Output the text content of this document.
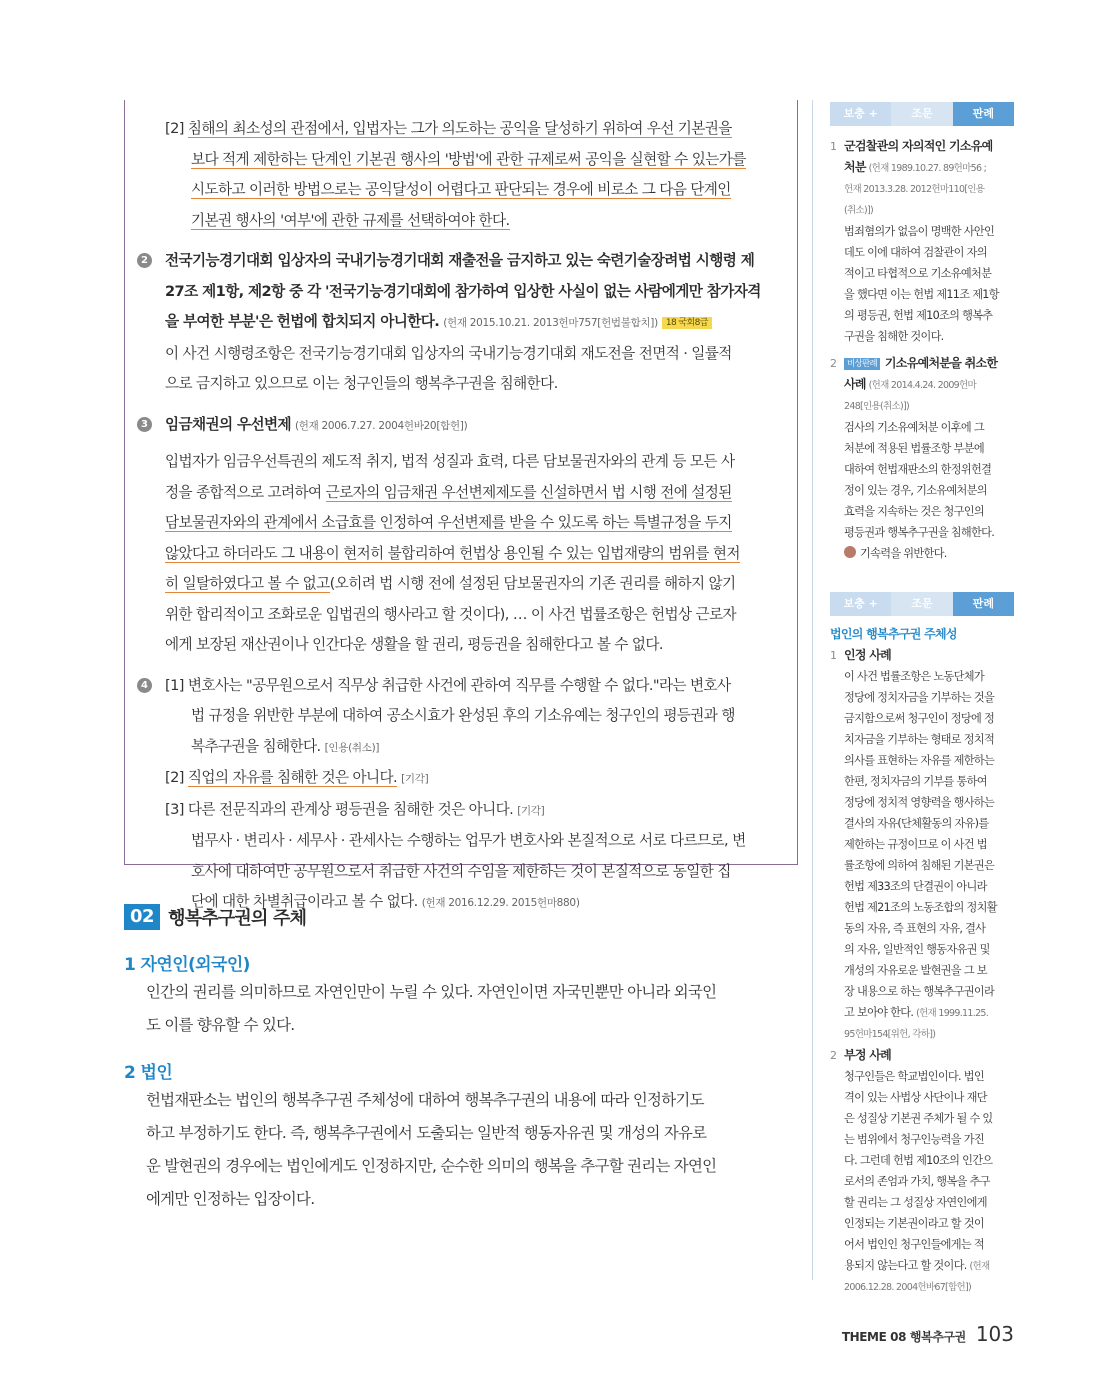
[2] 침해의 최소성의 관점에서, 입법자는 그가 의도하는 공익을 달성하기 위하여 우선 기본권을
보다 적게 제한하는 단계인 기본권 행사의 '방법'에 관한 규제로써 공익을 실현할 수 있는가를
시도하고 이러한 방법으로는 공익달성이 어렵다고 판단되는 경우에 비로소 그 다음 단계인
기본권 행사의 '여부'에 관한 규제를 선택하여야 한다.
2	전국기능경기대회 입상자의 국내기능경기대회 재출전을 금지하고 있는 숙련기술장려법 시행령 제
27조 제1항, 제2항 중 각 '전국기능경기대회에 참가하여 입상한 사실이 없는 사람에게만 참가자격
을 부여한 부분'은 헌법에 합치되지 아니한다. (헌재 2015.10.21. 2013헌마757[헌법불합치]) 18 국회8급
이 사건 시행령조항은 전국기능경기대회 입상자의 국내기능경기대회 재도전을 전면적 · 일률적
으로 금지하고 있으므로 이는 청구인들의 행복추구권을 침해한다.
3	임금채권의 우선변제 (헌재 2006.7.27. 2004헌바20[합헌])
입법자가 임금우선특권의 제도적 취지, 법적 성질과 효력, 다른 담보물권자와의 관계 등 모든 사
정을 종합적으로 고려하여 근로자의 임금채권 우선변제제도를 신설하면서 법 시행 전에 설정된
담보물권자와의 관계에서 소급효를 인정하여 우선변제를 받을 수 있도록 하는 특별규정을 두지
않았다고 하더라도 그 내용이 현저히 불합리하여 헌법상 용인될 수 있는 입법재량의 범위를 현저
히 일탈하였다고 볼 수 없고(오히려 법 시행 전에 설정된 담보물권자의 기존 권리를 해하지 않기
위한 합리적이고 조화로운 입법권의 행사라고 할 것이다), … 이 사건 법률조항은 헌법상 근로자
에게 보장된 재산권이나 인간다운 생활을 할 권리, 평등권을 침해한다고 볼 수 없다.
4	[1] 변호사는 "공무원으로서 직무상 취급한 사건에 관하여 직무를 수행할 수 없다."라는 변호사
법 규정을 위반한 부분에 대하여 공소시효가 완성된 후의 기소유예는 청구인의 평등권과 행
복추구권을 침해한다. [인용(취소)]
[2] 직업의 자유를 침해한 것은 아니다. [기각]
[3] 다른 전문직과의 관계상 평등권을 침해한 것은 아니다. [기각]
법무사 · 변리사 · 세무사 · 관세사는 수행하는 업무가 변호사와 본질적으로 서로 다르므로, 변
호사에 대하여만 공무원으로서 취급한 사건의 수임을 제한하는 것이 본질적으로 동일한 집
단에 대한 차별취급이라고 볼 수 없다. (헌재 2016.12.29. 2015헌마880)
02 행복추구권의 주체
1 자연인(외국인)
인간의 권리를 의미하므로 자연인만이 누릴 수 있다. 자연인이면 자국민뿐만 아니라 외국인
도 이를 향유할 수 있다.
2 법인
헌법재판소는 법인의 행복추구권 주체성에 대하여 행복추구권의 내용에 따라 인정하기도
하고 부정하기도 한다. 즉, 행복추구권에서 도출되는 일반적 행동자유권 및 개성의 자유로
운 발현권의 경우에는 법인에게도 인정하지만, 순수한 의미의 행복을 추구할 권리는 자연인
에게만 인정하는 입장이다.
보충 +	조문	판례
1 군검찰관의 자의적인 기소유예
처분 (헌재 1989.10.27. 89헌마56 ;
헌재 2013.3.28. 2012헌마110[인용
(취소)])
범죄혐의가 없음이 명백한 사안인
데도 이에 대하여 검찰관이 자의
적이고 타협적으로 기소유예처분
을 했다면 이는 헌법 제11조 제1항
의 평등권, 헌법 제10조의 행복추
구권을 침해한 것이다.
2	비상판례 기소유예처분을 취소한
사례 (헌재 2014.4.24. 2009헌마
248[인용(취소)])
검사의 기소유예처분 이후에 그
처분에 적용된 법률조항 부분에
대하여 헌법재판소의 한정위헌결
정이 있는 경우, 기소유예처분의
효력을 지속하는 것은 청구인의
평등권과 행복추구권을 침해한다.
기속력을 위반한다.
보충 +	조문	판례
법인의 행복추구권 주체성
1 인정 사례
이 사건 법률조항은 노동단체가
정당에 정치자금을 기부하는 것을
금지함으로써 청구인이 정당에 정
치자금을 기부하는 형태로 정치적
의사를 표현하는 자유를 제한하는
한편, 정치자금의 기부를 통하여
정당에 정치적 영향력을 행사하는
결사의 자유(단체활동의 자유)를
제한하는 규정이므로 이 사건 법
률조항에 의하여 침해된 기본권은
헌법 제33조의 단결권이 아니라
헌법 제21조의 노동조합의 정치활
동의 자유, 즉 표현의 자유, 결사
의 자유, 일반적인 행동자유권 및
개성의 자유로운 발현권을 그 보
장 내용으로 하는 행복추구권이라
고 보아야 한다. (헌재 1999.11.25.
95헌마154[위헌, 각하])
2 부정 사례
청구인들은 학교법인이다. 법인
격이 있는 사법상 사단이나 재단
은 성질상 기본권 주체가 될 수 있
는 범위에서 청구인능력을 가진
다. 그런데 헌법 제10조의 인간으
로서의 존엄과 가치, 행복을 추구
할 권리는 그 성질상 자연인에게
인정되는 기본권이라고 할 것이
어서 법인인 청구인들에게는 적
용되지 않는다고 할 것이다. (헌재
2006.12.28. 2004헌바67[합헌])
THEME 08 행복추구권 103
